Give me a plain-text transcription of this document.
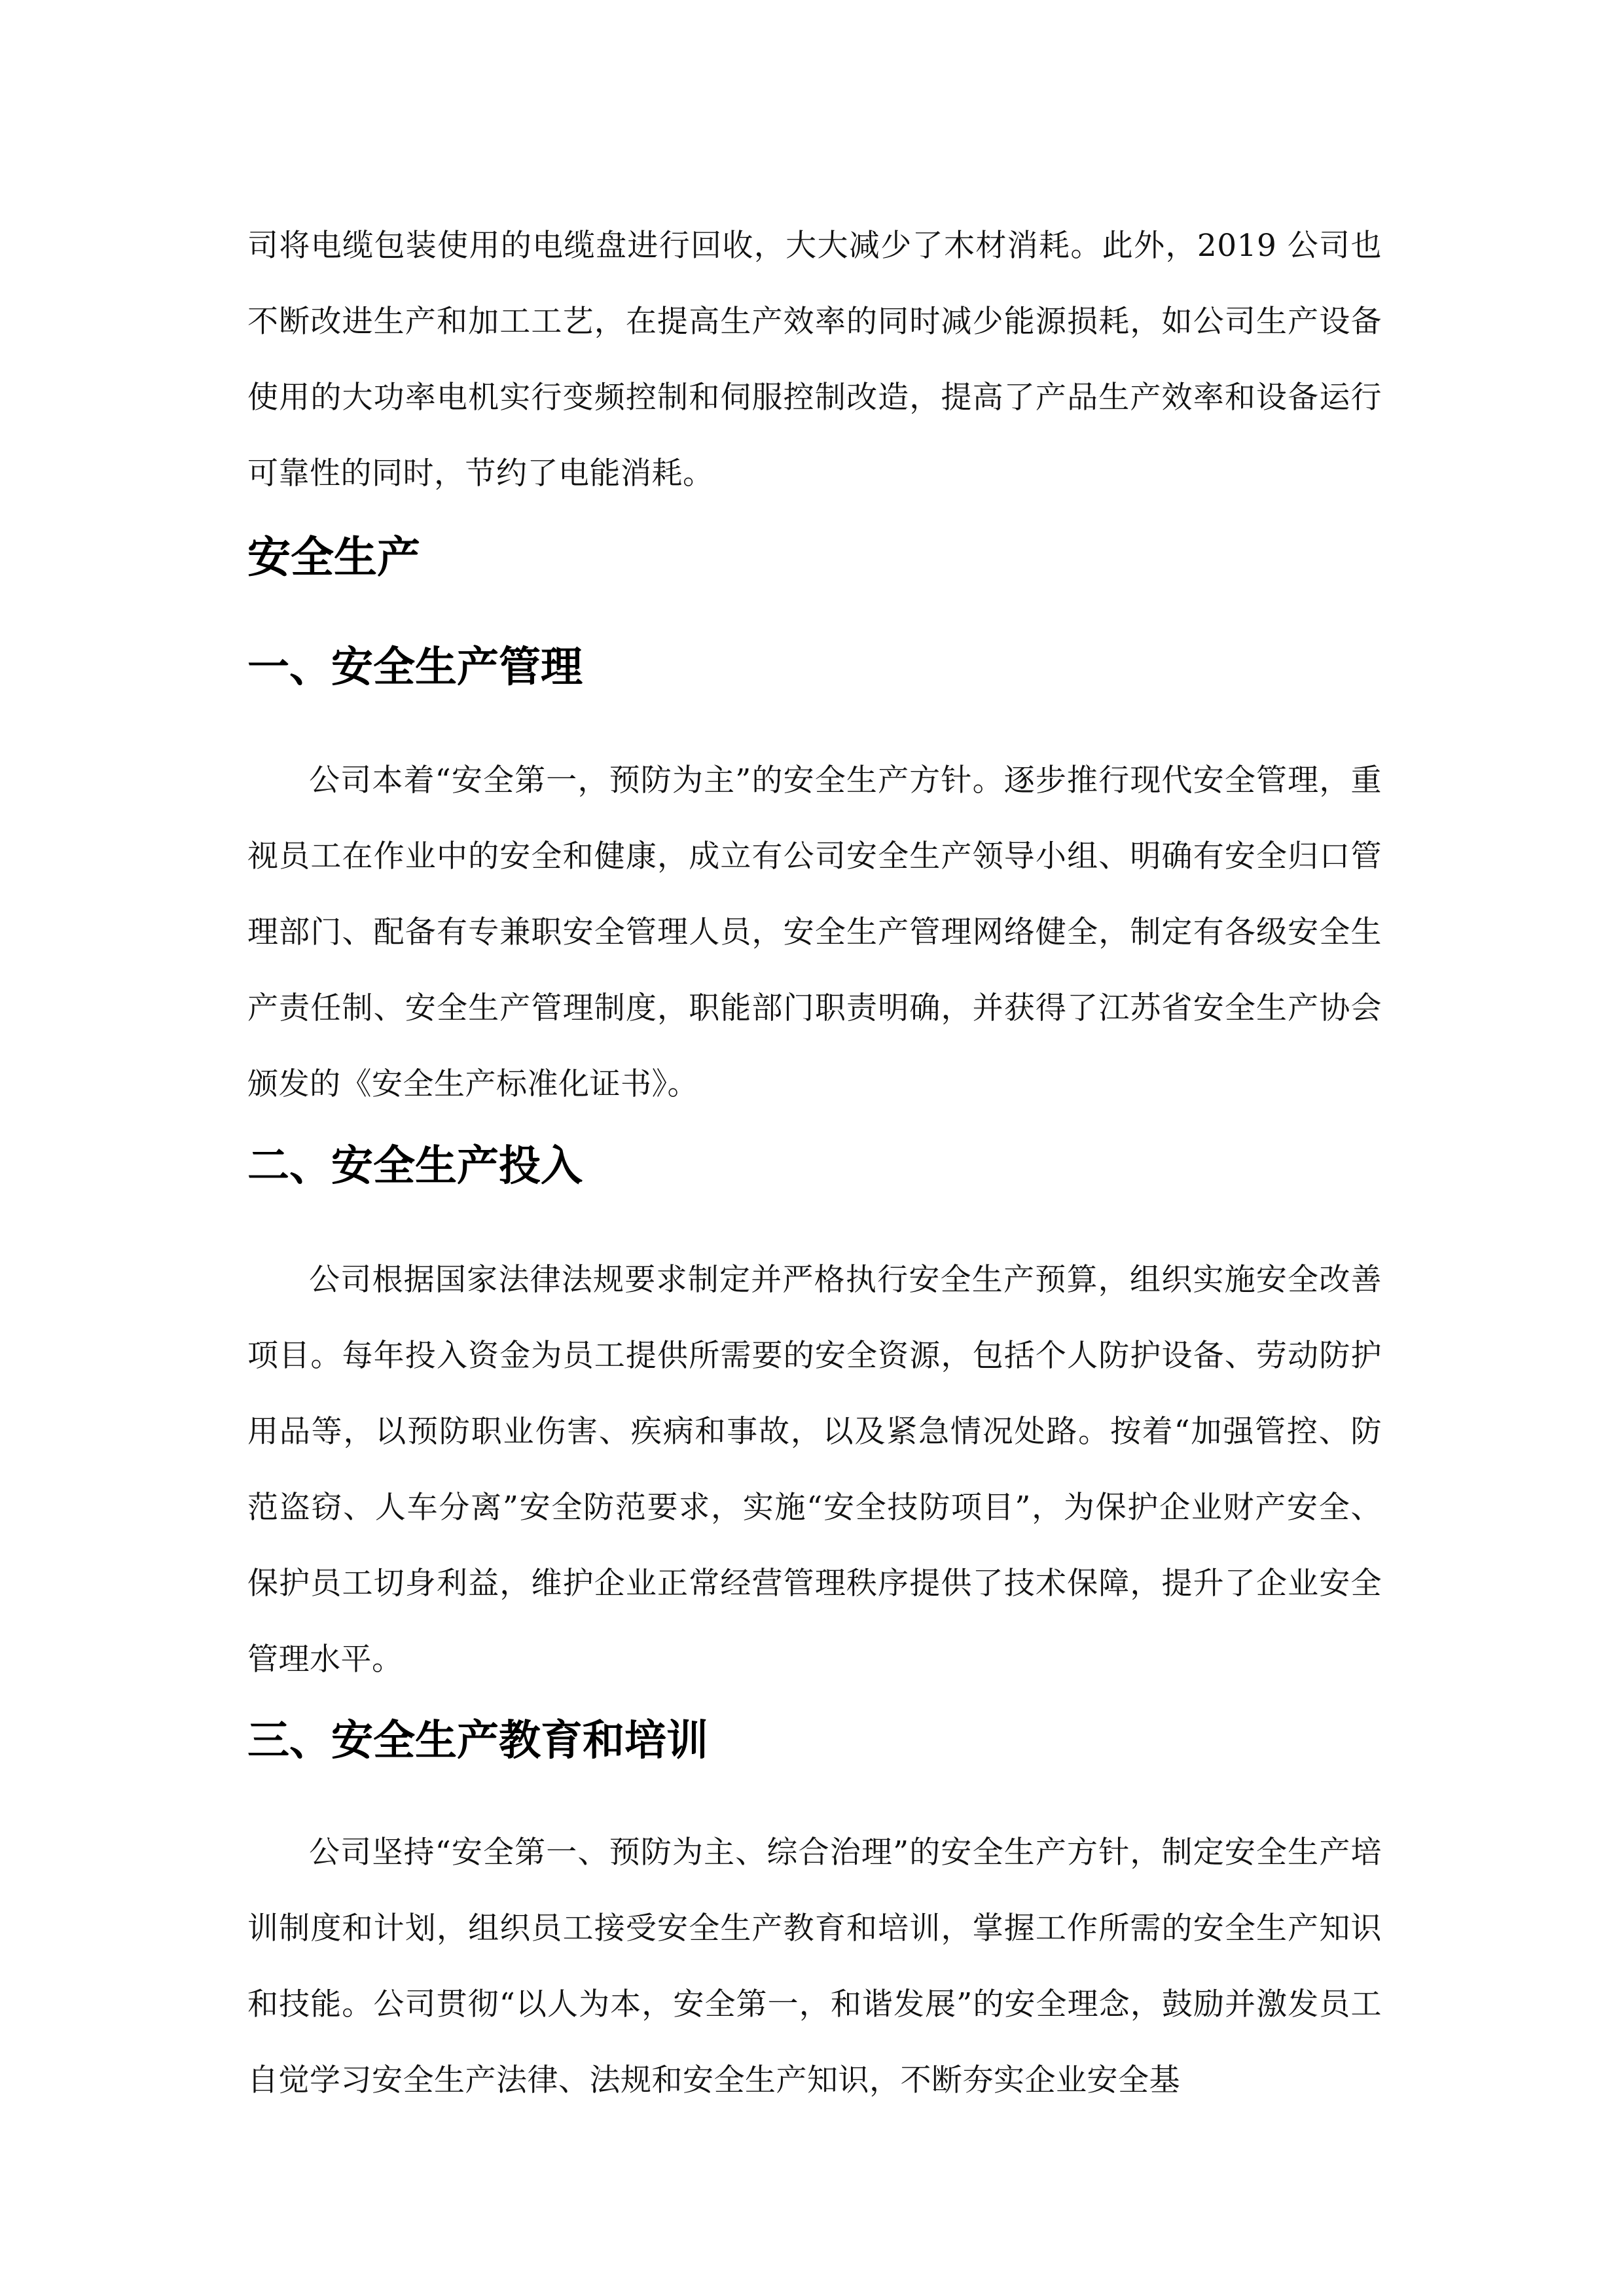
司将电缆包装使用的电缆盘进行回收，大大减少了木材消耗。此外，2019 公司也不断改进生产和加工工艺，在提高生产效率的同时减少能源损耗，如公司生产设备使用的大功率电机实行变频控制和伺服控制改造，提高了产品生产效率和设备运行可靠性的同时，节约了电能消耗。

安全生产
一、安全生产管理

公司本着“安全第一，预防为主”的安全生产方针。逐步推行现代安全管理，重视员工在作业中的安全和健康，成立有公司安全生产领导小组、明确有安全归口管理部门、配备有专兼职安全管理人员，安全生产管理网络健全，制定有各级安全生产责任制、安全生产管理制度，职能部门职责明确，并获得了江苏省安全生产协会颁发的《安全生产标准化证书》。

二、安全生产投入

公司根据国家法律法规要求制定并严格执行安全生产预算，组织实施安全改善项目。每年投入资金为员工提供所需要的安全资源，包括个人防护设备、劳动防护用品等，以预防职业伤害、疾病和事故，以及紧急情况处路。按着“加强管控、防范盗窃、人车分离”安全防范要求，实施“安全技防项目”，为保护企业财产安全、保护员工切身利益，维护企业正常经营管理秩序提供了技术保障，提升了企业安全管理水平。

三、安全生产教育和培训

公司坚持“安全第一、预防为主、综合治理”的安全生产方针，制定安全生产培训制度和计划，组织员工接受安全生产教育和培训，掌握工作所需的安全生产知识和技能。公司贯彻“以人为本，安全第一，和谐发展”的安全理念，鼓励并激发员工自觉学习安全生产法律、法规和安全生产知识，不断夯实企业安全基
